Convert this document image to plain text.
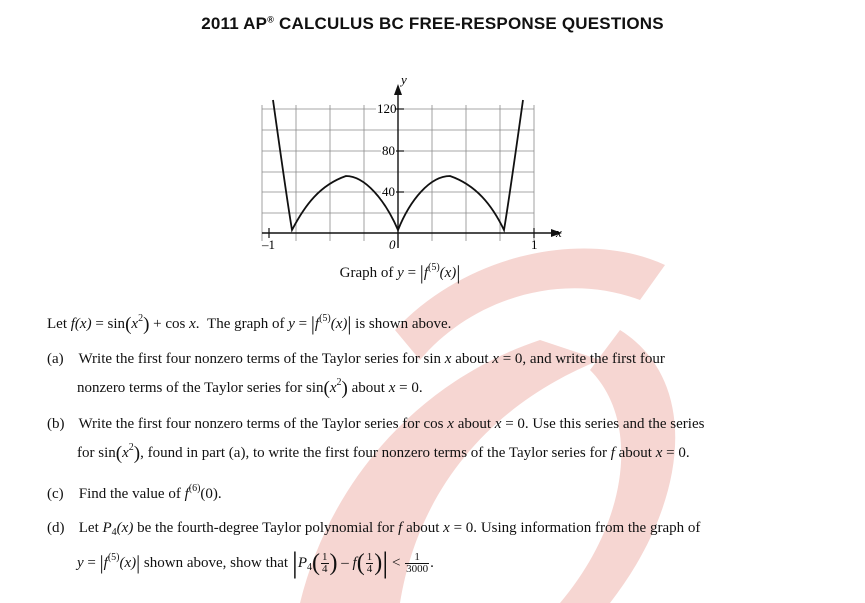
2011 AP® CALCULUS BC FREE-RESPONSE QUESTIONS
y
x
120
80
40
–1	0	1
Graph of $y = |f^{(5)}(x)|$
Let $f(x) = \sin(x^2) + \cos x$. The graph of $y = |f^{(5)}(x)|$ is shown above.
(a) Write the first four nonzero terms of the Taylor series for sin x about x = 0, and write the first four
nonzero terms of the Taylor series for $\sin(x^2)$ about x = 0.
(b) Write the first four nonzero terms of the Taylor series for cos x about x = 0. Use this series and the series
for $\sin(x^2)$, found in part (a), to write the first four nonzero terms of the Taylor series for f about x = 0.
(c) Find the value of $f^{(6)}(0)$.
(d) Let $P_4(x)$ be the fourth-degree Taylor polynomial for f about x = 0. Using information from the graph of
$y = |f^{(5)}(x)|$ shown above, show that $|P_4( \frac{1}{4}$ ) – $f( \frac{1}{4}$ )| < $\frac{1}{3000}$ .
